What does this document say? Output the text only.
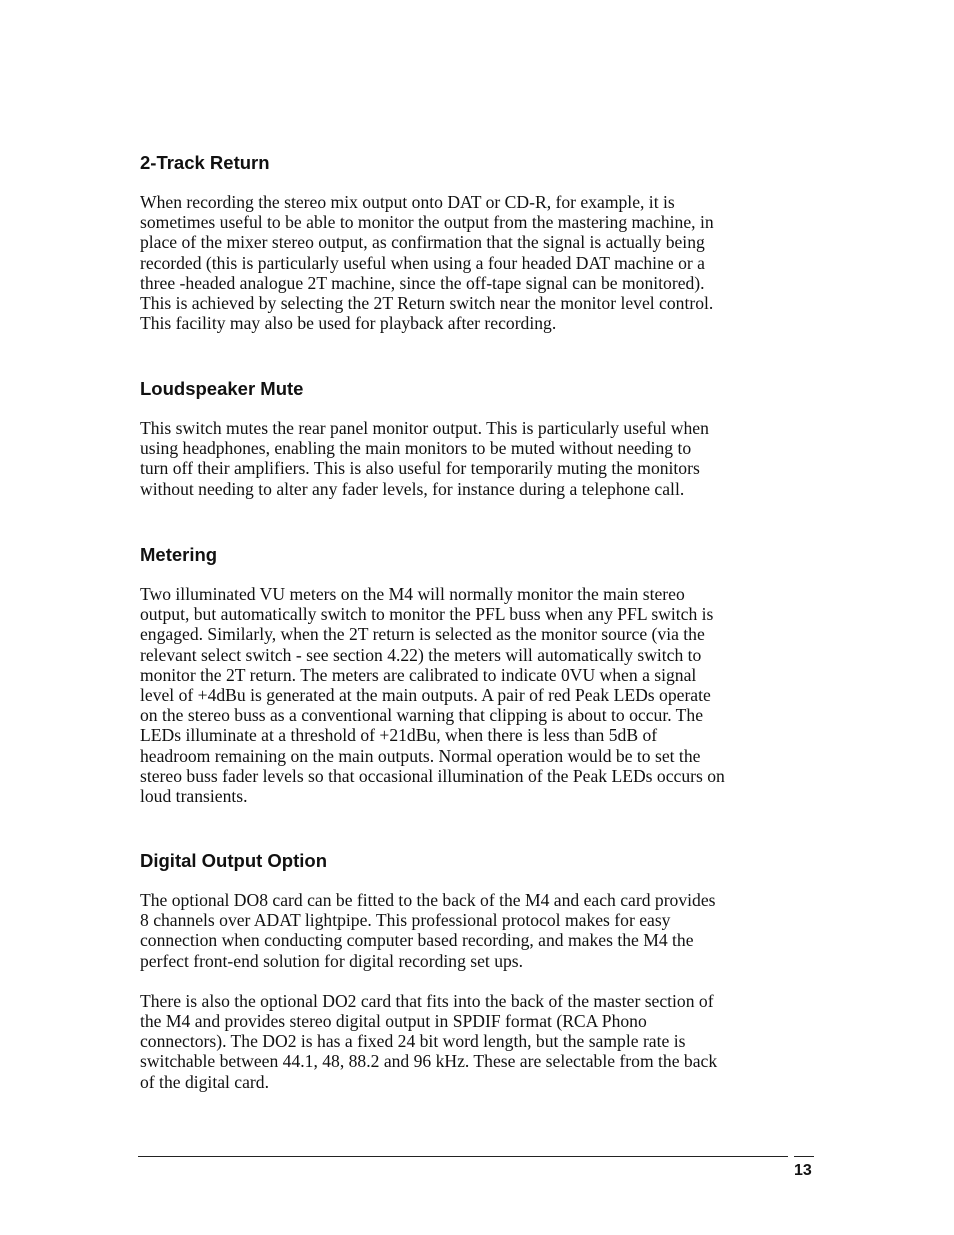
2-Track Return

When recording the stereo mix output onto DAT or CD-R, for example, it is
sometimes useful to be able to monitor the output from the mastering machine, in
place of the mixer stereo output, as confirmation that the signal is actually being
recorded (this is particularly useful when using a four headed DAT machine or a
three -headed analogue 2T machine, since the off-tape signal can be monitored).
This is achieved by selecting the 2T Return switch near the monitor level control.
This facility may also be used for playback after recording.

Loudspeaker Mute

This switch mutes the rear panel monitor output. This is particularly useful when
using headphones, enabling the main monitors to be muted without needing to
turn off their amplifiers. This is also useful for temporarily muting the monitors
without needing to alter any fader levels, for instance during a telephone call.

Metering

Two illuminated VU meters on the M4 will normally monitor the main stereo
output, but automatically switch to monitor the PFL buss when any PFL switch is
engaged. Similarly, when the 2T return is selected as the monitor source (via the
relevant select switch - see section 4.22) the meters will automatically switch to
monitor the 2T return. The meters are calibrated to indicate 0VU when a signal
level of +4dBu is generated at the main outputs. A pair of red Peak LEDs operate
on the stereo buss as a conventional warning that clipping is about to occur. The
LEDs illuminate at a threshold of +21dBu, when there is less than 5dB of
headroom remaining on the main outputs. Normal operation would be to set the
stereo buss fader levels so that occasional illumination of the Peak LEDs occurs on
loud transients.

Digital Output Option

The optional DO8 card can be fitted to the back of the M4 and each card provides
8 channels over ADAT lightpipe. This professional protocol makes for easy
connection when conducting computer based recording, and makes the M4 the
perfect front-end solution for digital recording set ups.

There is also the optional DO2 card that fits into the back of the master section of
the M4 and provides stereo digital output in SPDIF format (RCA Phono
connectors). The DO2 is has a fixed 24 bit word length, but the sample rate is
switchable between 44.1, 48, 88.2 and 96 kHz. These are selectable from the back
of the digital card.

13
